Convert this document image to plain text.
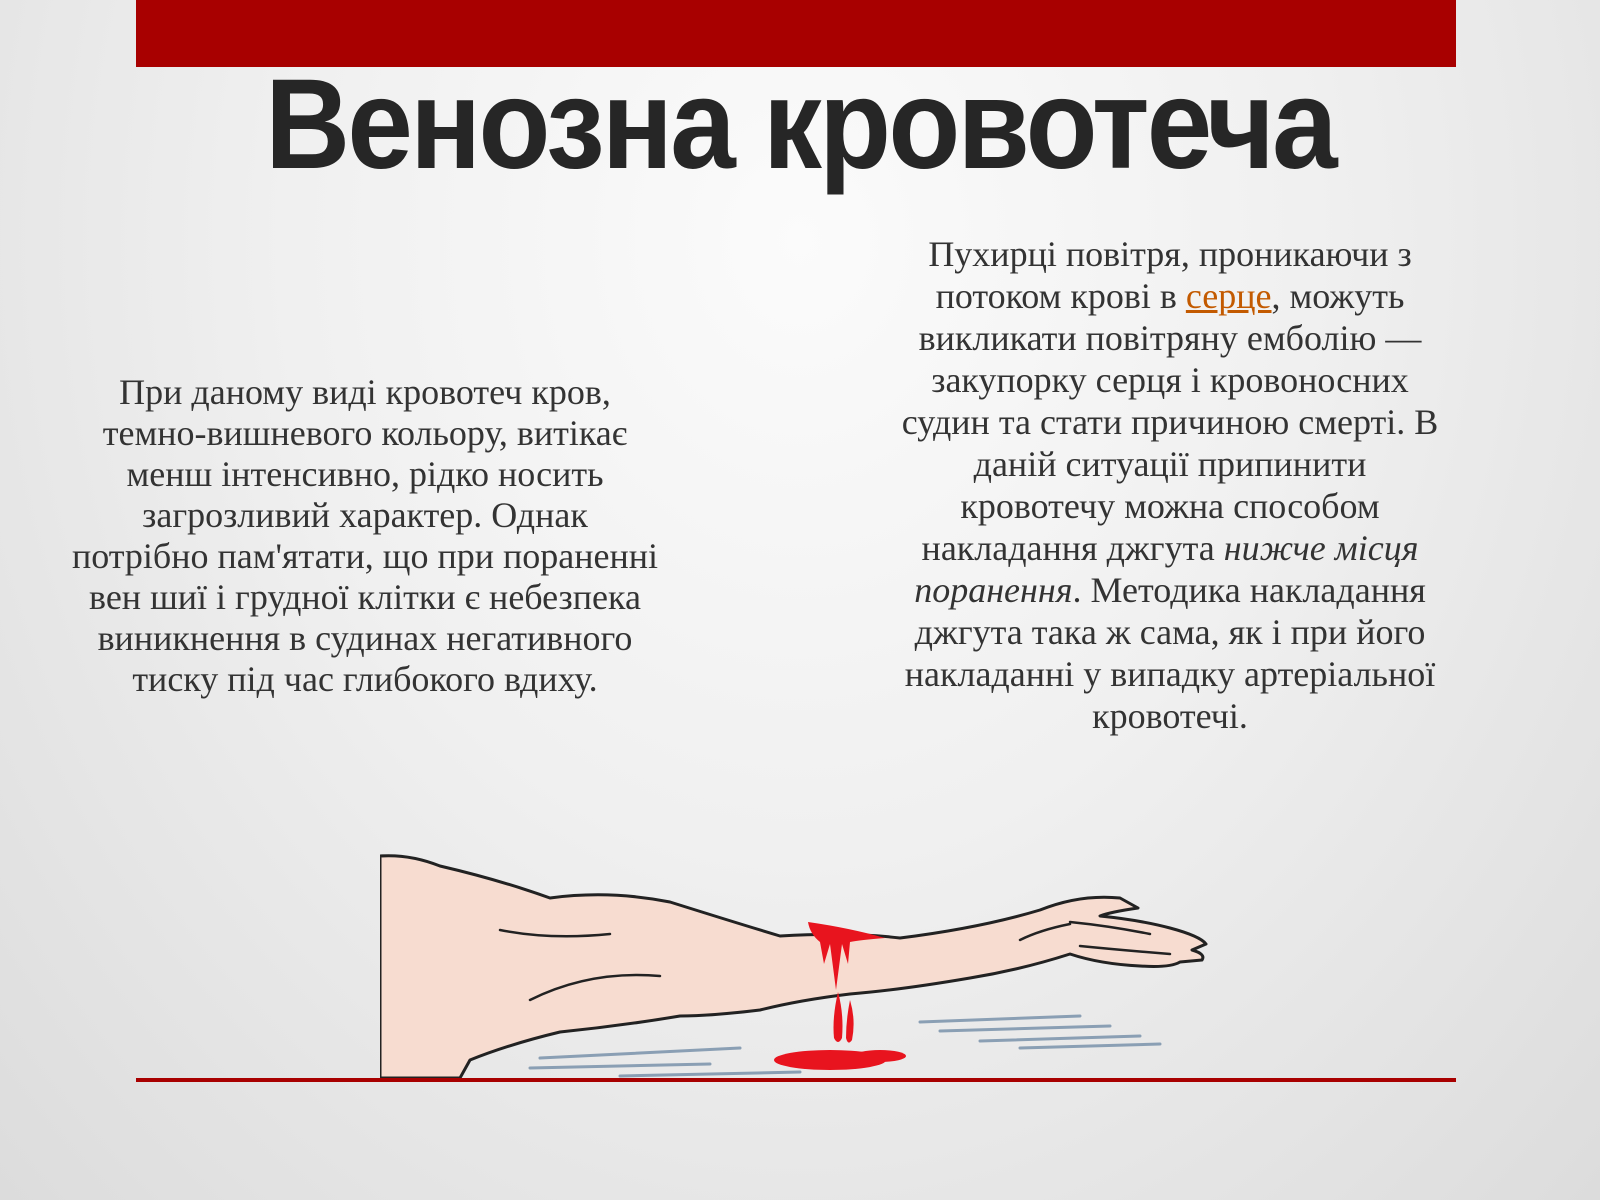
Венозна кровотеча

При даному виді кровотеч кров, темно-вишневого кольору, витікає менш інтенсивно, рідко носить загрозливий характер. Однак потрібно пам'ятати, що при пораненні вен шиї і грудної клітки є небезпека виникнення в судинах негативного тиску під час глибокого вдиху.

Пухирці повітря, проникаючи з потоком крові в серце, можуть викликати повітряну емболію — закупорку серця і кровоносних судин та стати причиною смерті. В даній ситуації припинити кровотечу можна способом накладання джгута нижче місця поранення. Методика накладання джгута така ж сама, як і при його накладанні у випадку артеріальної кровотечі.
